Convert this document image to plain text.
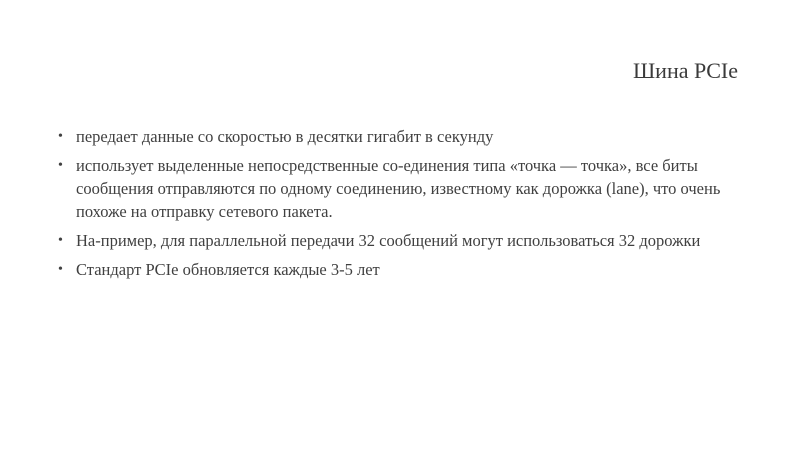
Шина PCIe
• передает данные со скоростью в десятки гигабит в секунду
• использует выделенные непосредственные со-единения типа «точка — точка», все биты сообщения отправляются по одному соединению, известному как дорожка (lane), что очень похоже на отправку сетевого пакета.
• На-пример, для параллельной передачи 32 сообщений могут использоваться 32 дорожки
• Стандарт PCIe обновляется каждые 3-5 лет
